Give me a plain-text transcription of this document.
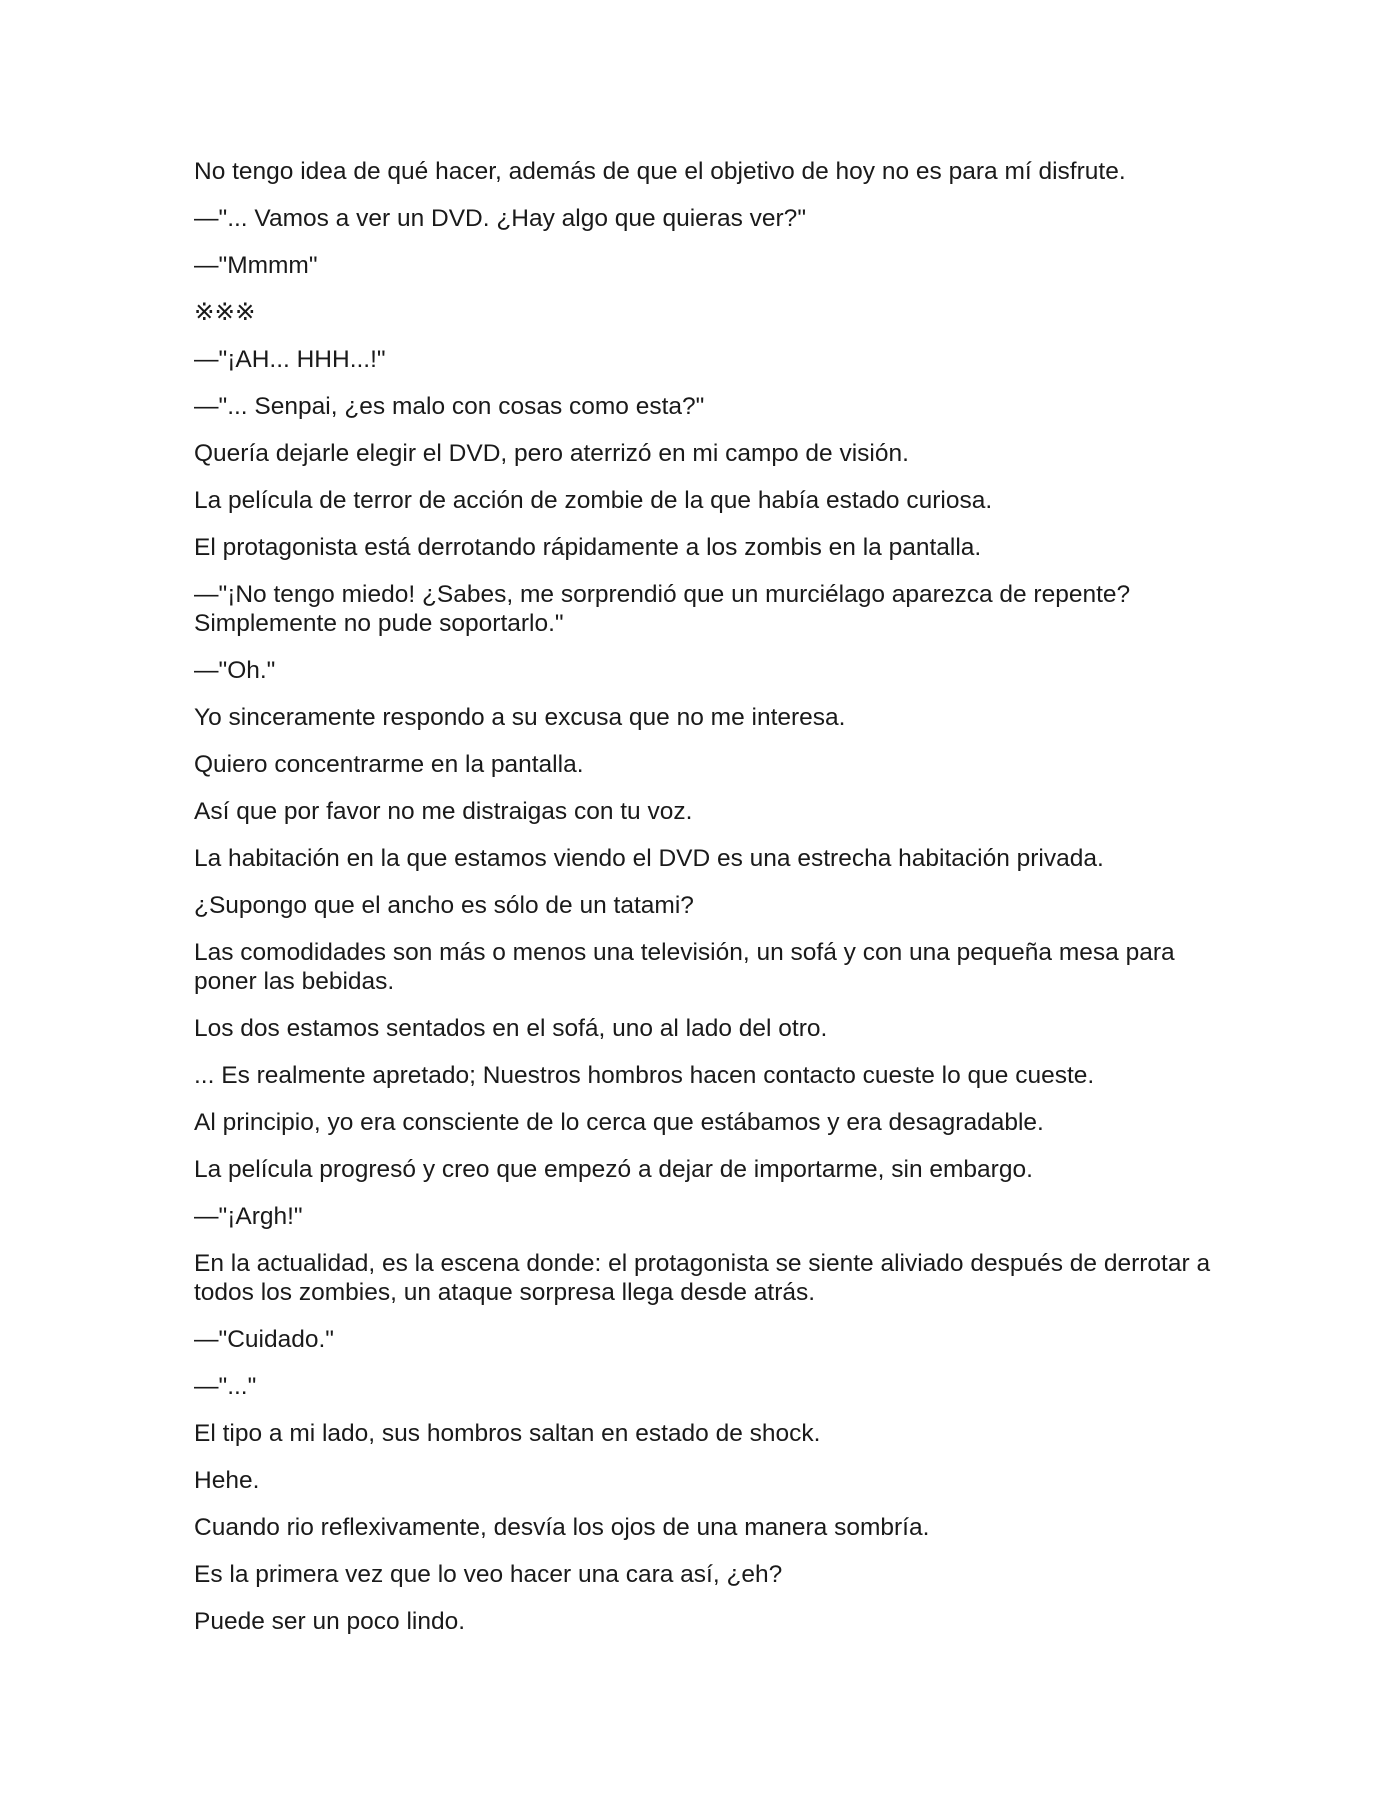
No tengo idea de qué hacer, además de que el objetivo de hoy no es para mí disfrute.

—"... Vamos a ver un DVD. ¿Hay algo que quieras ver?"

—"Mmmm"

※※※

—"¡AH... HHH...!"

—"... Senpai, ¿es malo con cosas como esta?"

Quería dejarle elegir el DVD, pero aterrizó en mi campo de visión.

La película de terror de acción de zombie de la que había estado curiosa.

El protagonista está derrotando rápidamente a los zombis en la pantalla.

—"¡No tengo miedo! ¿Sabes, me sorprendió que un murciélago aparezca de repente? Simplemente no pude soportarlo."

—"Oh."

Yo sinceramente respondo a su excusa que no me interesa.

Quiero concentrarme en la pantalla.

Así que por favor no me distraigas con tu voz.

La habitación en la que estamos viendo el DVD es una estrecha habitación privada.

¿Supongo que el ancho es sólo de un tatami?

Las comodidades son más o menos una televisión, un sofá y con una pequeña mesa para poner las bebidas.

Los dos estamos sentados en el sofá, uno al lado del otro.

... Es realmente apretado; Nuestros hombros hacen contacto cueste lo que cueste.

Al principio, yo era consciente de lo cerca que estábamos y era desagradable.

La película progresó y creo que empezó a dejar de importarme, sin embargo.

—"¡Argh!"

En la actualidad, es la escena donde: el protagonista se siente aliviado después de derrotar a todos los zombies, un ataque sorpresa llega desde atrás.

—"Cuidado."

—"..."

El tipo a mi lado, sus hombros saltan en estado de shock.

Hehe.

Cuando rio reflexivamente, desvía los ojos de una manera sombría.

Es la primera vez que lo veo hacer una cara así, ¿eh?

Puede ser un poco lindo.
